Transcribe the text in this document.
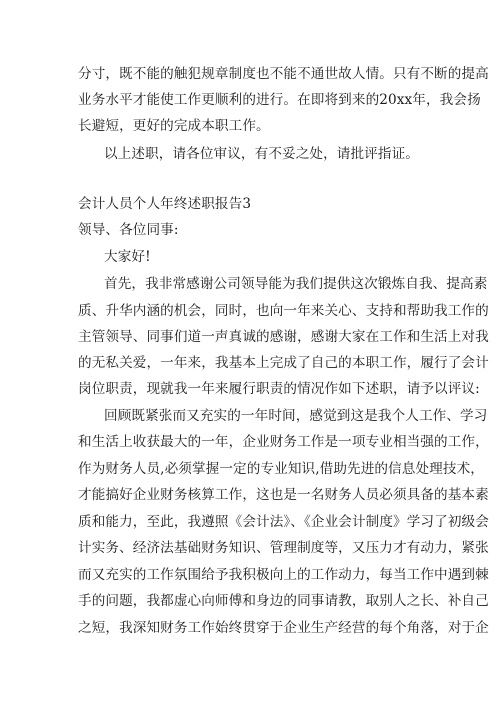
分寸，既不能的触犯规章制度也不能不通世故人情。只有不断的提高
业务水平才能使工作更顺利的进行。在即将到来的20xx年，我会扬
长避短，更好的完成本职工作。
以上述职，请各位审议，有不妥之处，请批评指证。
会计人员个人年终述职报告3
领导、各位同事:
大家好!
首先，我非常感谢公司领导能为我们提供这次锻炼自我、提高素
质、升华内涵的机会，同时，也向一年来关心、支持和帮助我工作的
主管领导、同事们道一声真诚的感谢，感谢大家在工作和生活上对我
的无私关爱，一年来，我基本上完成了自己的本职工作，履行了会计
岗位职责，现就我一年来履行职责的情况作如下述职，请予以评议:
回顾既紧张而又充实的一年时间，感觉到这是我个人工作、学习
和生活上收获最大的一年，企业财务工作是一项专业相当强的工作，
作为财务人员,必须掌握一定的专业知识,借助先进的信息处理技术，
才能搞好企业财务核算工作，这也是一名财务人员必须具备的基本素
质和能力，至此，我遵照《会计法》、《企业会计制度》学习了初级会
计实务、经济法基础财务知识、管理制度等，又压力才有动力，紧张
而又充实的工作氛围给予我积极向上的工作动力，每当工作中遇到棘
手的问题，我都虚心向师傅和身边的同事请教，取别人之长、补自己
之短，我深知财务工作始终贯穿于企业生产经营的每个角落，对于企
